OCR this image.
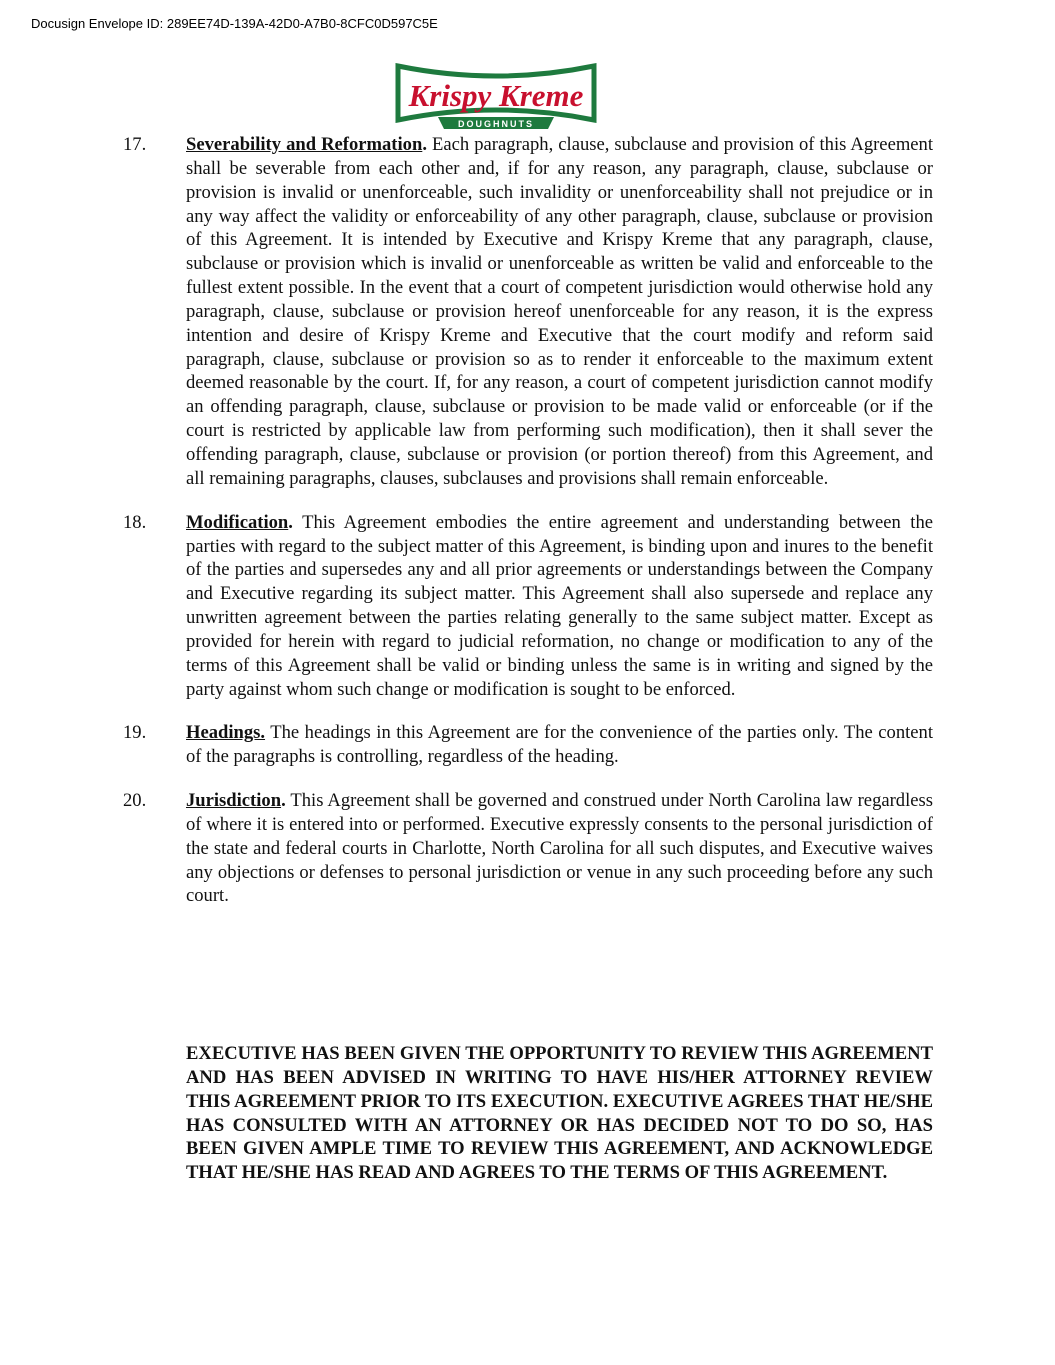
Docusign Envelope ID: 289EE74D-139A-42D0-A7B0-8CFC0D597C5E
Krispy Kreme
DOUGHNUTS
17. Severability and Reformation. Each paragraph, clause, subclause and provision of this Agreement shall be severable from each other and, if for any reason, any paragraph, clause, subclause or provision is invalid or unenforceable, such invalidity or unenforceability shall not prejudice or in any way affect the validity or enforceability of any other paragraph, clause, subclause or provision of this Agreement. It is intended by Executive and Krispy Kreme that any paragraph, clause, subclause or provision which is invalid or unenforceable as written be valid and enforceable to the fullest extent possible. In the event that a court of competent jurisdiction would otherwise hold any paragraph, clause, subclause or provision hereof unenforceable for any reason, it is the express intention and desire of Krispy Kreme and Executive that the court modify and reform said paragraph, clause, subclause or provision so as to render it enforceable to the maximum extent deemed reasonable by the court. If, for any reason, a court of competent jurisdiction cannot modify an offending paragraph, clause, subclause or provision to be made valid or enforceable (or if the court is restricted by applicable law from performing such modification), then it shall sever the offending paragraph, clause, subclause or provision (or portion thereof) from this Agreement, and all remaining paragraphs, clauses, subclauses and provisions shall remain enforceable.
18. Modification. This Agreement embodies the entire agreement and understanding between the parties with regard to the subject matter of this Agreement, is binding upon and inures to the benefit of the parties and supersedes any and all prior agreements or understandings between the Company and Executive regarding its subject matter. This Agreement shall also supersede and replace any unwritten agreement between the parties relating generally to the same subject matter. Except as provided for herein with regard to judicial reformation, no change or modification to any of the terms of this Agreement shall be valid or binding unless the same is in writing and signed by the party against whom such change or modification is sought to be enforced.
19. Headings. The headings in this Agreement are for the convenience of the parties only. The content of the paragraphs is controlling, regardless of the heading.
20. Jurisdiction. This Agreement shall be governed and construed under North Carolina law regardless of where it is entered into or performed. Executive expressly consents to the personal jurisdiction of the state and federal courts in Charlotte, North Carolina for all such disputes, and Executive waives any objections or defenses to personal jurisdiction or venue in any such proceeding before any such court.
EXECUTIVE HAS BEEN GIVEN THE OPPORTUNITY TO REVIEW THIS AGREEMENT AND HAS BEEN ADVISED IN WRITING TO HAVE HIS/HER ATTORNEY REVIEW THIS AGREEMENT PRIOR TO ITS EXECUTION. EXECUTIVE AGREES THAT HE/SHE HAS CONSULTED WITH AN ATTORNEY OR HAS DECIDED NOT TO DO SO, HAS BEEN GIVEN AMPLE TIME TO REVIEW THIS AGREEMENT, AND ACKNOWLEDGE THAT HE/SHE HAS READ AND AGREES TO THE TERMS OF THIS AGREEMENT.
